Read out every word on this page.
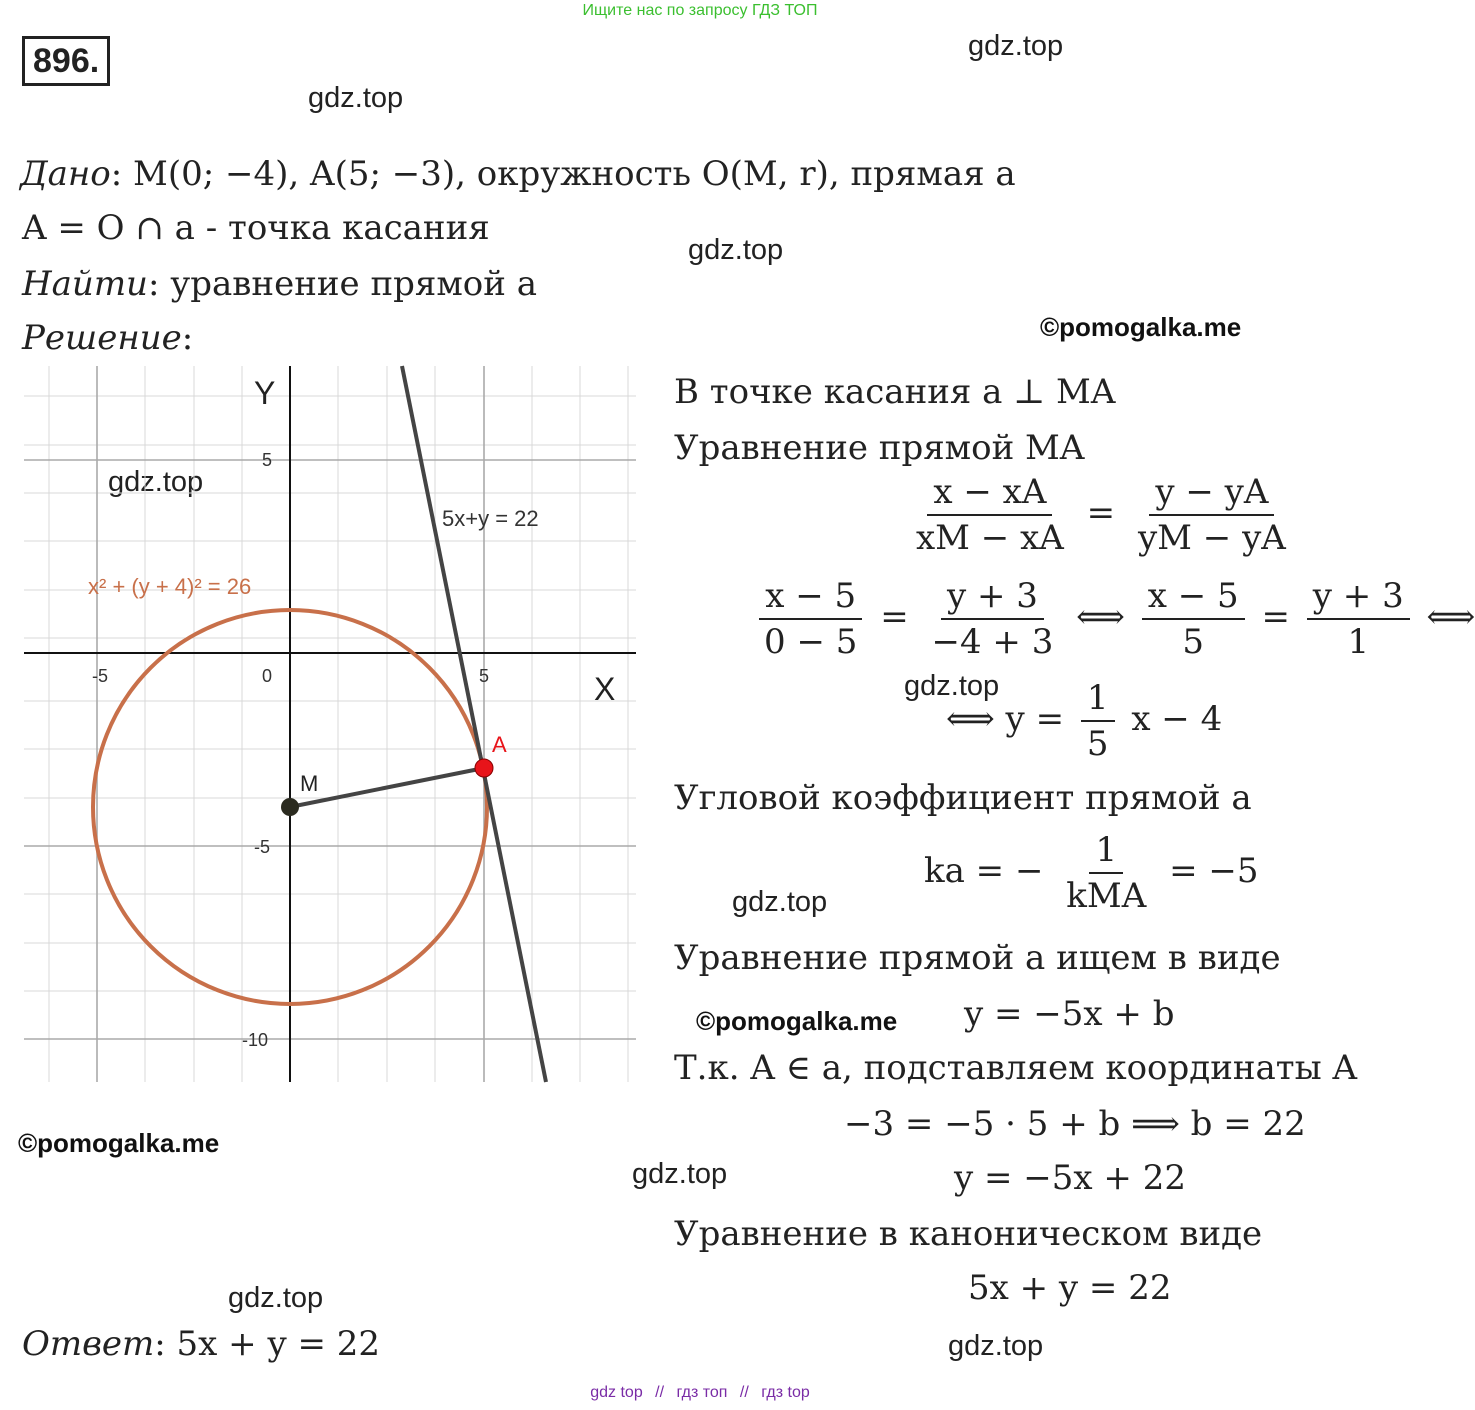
Ищите нас по запросу ГДЗ ТОП
896.	gdz.top
gdz.top
gdz.top
gdz.top
gdz.top
gdz.top
gdz.top
gdz.top
gdz.top
©pomogalka.me
©pomogalka.me
©pomogalka.me
Дано: M(0; −4), A(5; −3), окружность O(M, r), прямая a
A = O ∩ a - точка касания
Найти: уравнение прямой a
Решение:
-5	0	5
5
-5
-10
Y
X
x² + (y + 4)² = 26
5x+y = 22
M
A
В точке касания a ⊥ MA
Уравнение прямой MA
$\frac{x - xA}{xM - xA} = \frac{y - yA}{yM - yA}$
$\frac{x - 5}{0 - 5} = \frac{y + 3}{-4 + 3}$ ⟺ $\frac{x - 5}{5} = \frac{y + 3}{1}$ ⟺
⟺ $y = \frac{1}{5}$ x − 4
Угловой коэффициент прямой a
ka = − $\frac{1}{\text{kMA}} = -5$
Уравнение прямой a ищем в виде
y = −5x + b
Т.к. A ∈ a, подставляем координаты A
−3 = −5 · 5 + b ⟹ b = 22
y = −5x + 22
Уравнение в каноническом виде
5x + y = 22
Ответ: 5x + y = 22
gdz top // гдз топ // гдз top
